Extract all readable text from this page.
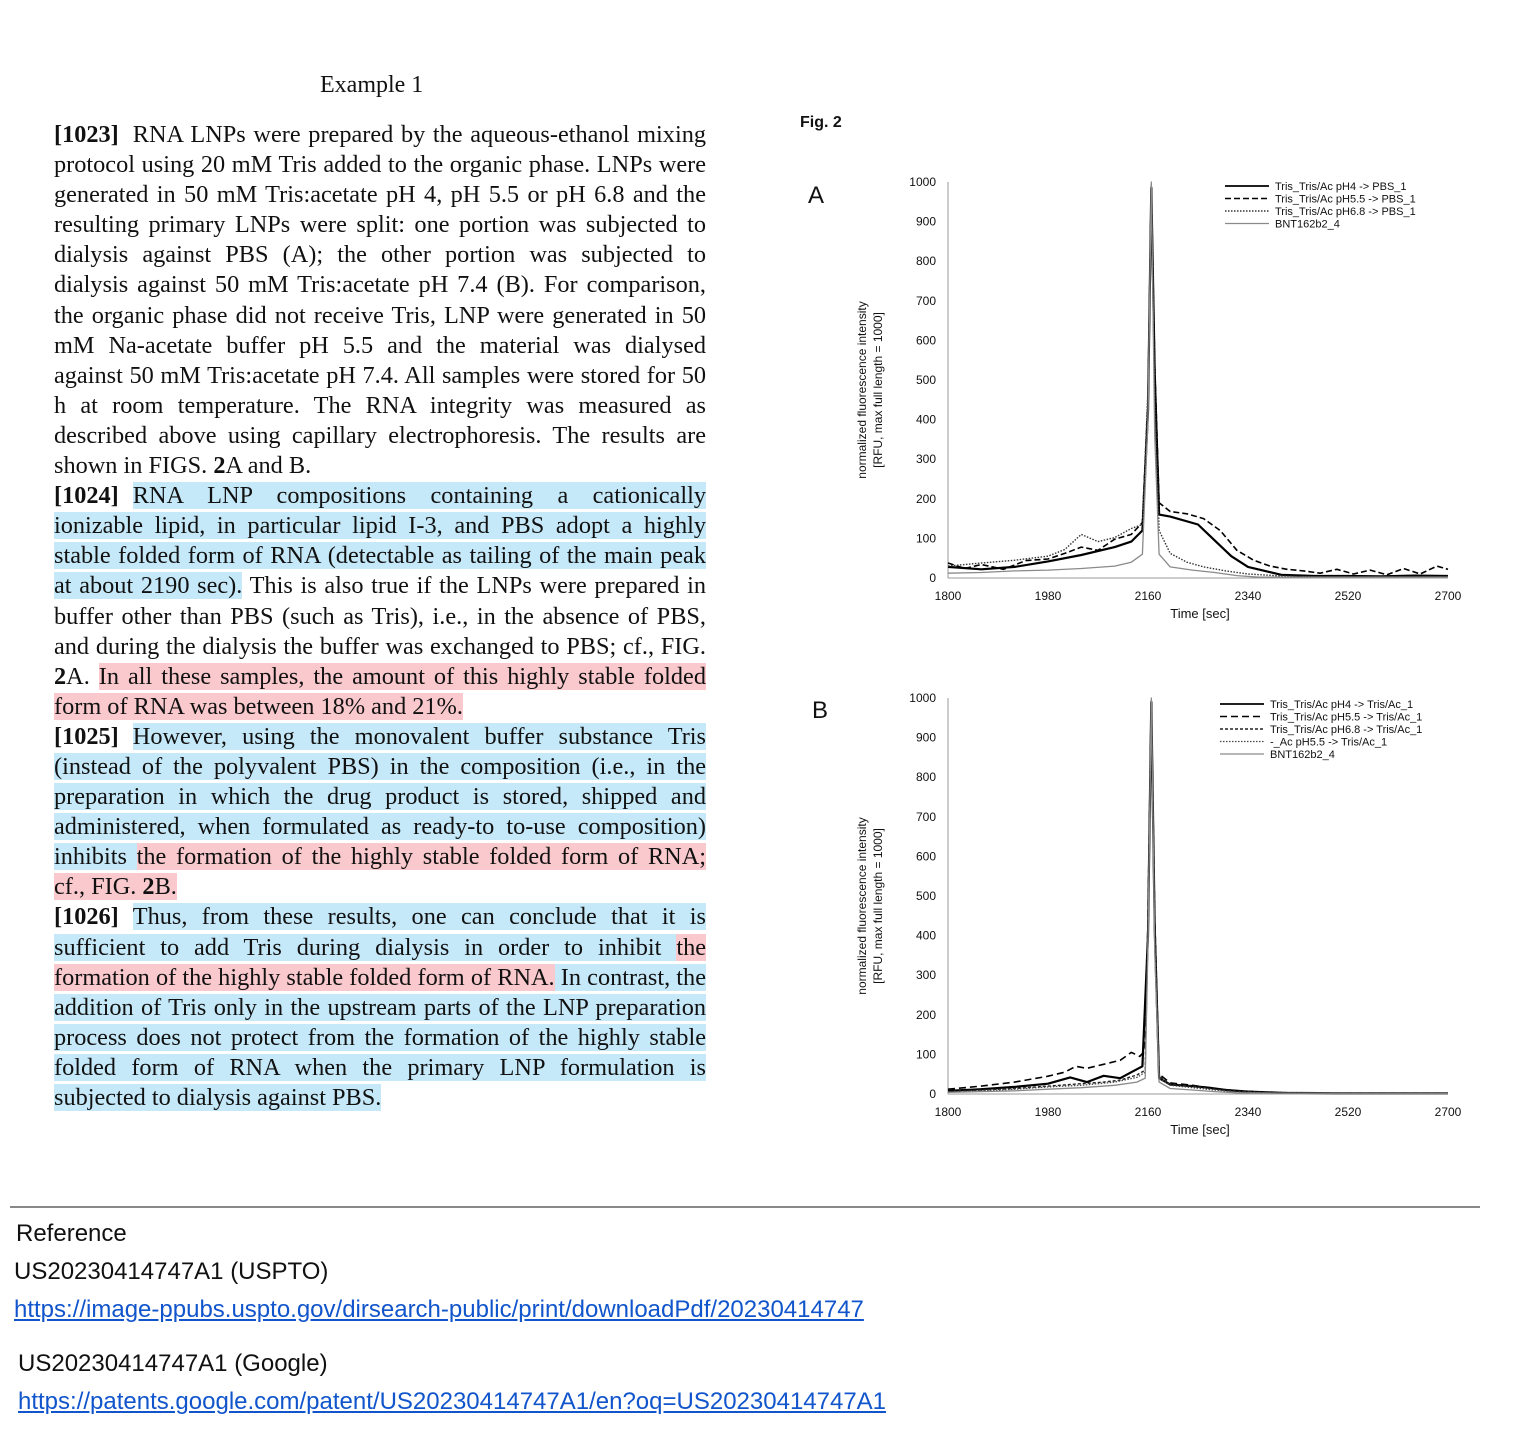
Example 1

[1023] RNA LNPs were prepared by the aqueous-ethanol mixing protocol using 20 mM Tris added to the organic phase. LNPs were generated in 50 mM Tris:acetate pH 4, pH 5.5 or pH 6.8 and the resulting primary LNPs were split: one portion was subjected to dialysis against PBS (A); the other portion was subjected to dialysis against 50 mM Tris:acetate pH 7.4 (B). For comparison, the organic phase did not receive Tris, LNP were generated in 50 mM Na-acetate buffer pH 5.5 and the material was dialysed against 50 mM Tris:acetate pH 7.4. All samples were stored for 50 h at room temperature. The RNA integrity was measured as described above using capillary electrophoresis. The results are shown in FIGS. 2A and B.

[1024] RNA LNP compositions containing a cationically ionizable lipid, in particular lipid I-3, and PBS adopt a highly stable folded form of RNA (detectable as tailing of the main peak at about 2190 sec). This is also true if the LNPs were prepared in buffer other than PBS (such as Tris), i.e., in the absence of PBS, and during the dialysis the buffer was exchanged to PBS; cf., FIG. 2A. In all these samples, the amount of this highly stable folded form of RNA was between 18% and 21%.

[1025] However, using the monovalent buffer substance Tris (instead of the polyvalent PBS) in the composition (i.e., in the preparation in which the drug product is stored, shipped and administered, when formulated as ready-to to-use composition) inhibits the formation of the highly stable folded form of RNA; cf., FIG. 2B.

[1026] Thus, from these results, one can conclude that it is sufficient to add Tris during dialysis in order to inhibit the formation of the highly stable folded form of RNA. In contrast, the addition of Tris only in the upstream parts of the LNP preparation process does not protect from the formation of the highly stable folded form of RNA when the primary LNP formulation is subjected to dialysis against PBS.

Fig. 2
A
B
0
100
200
300
400
500
600
700
800
900
1000
1800	1980	2160	2340	2520	2700
Time [sec]
normalized fluorescence intensity [RFU, max full length = 1000]
Tris_Tris/Ac pH4 -> PBS_1
Tris_Tris/Ac pH5.5 -> PBS_1
Tris_Tris/Ac pH6.8 -> PBS_1
BNT162b2_4
0
100
200
300
400
500
600
700
800
900
1000
1800	1980	2160	2340	2520	2700
Time [sec]
normalized fluorescence intensity [RFU, max full length = 1000]
Tris_Tris/Ac pH4 -> Tris/Ac_1
Tris_Tris/Ac pH5.5 -> Tris/Ac_1
Tris_Tris/Ac pH6.8 -> Tris/Ac_1
-_Ac pH5.5 -> Tris/Ac_1
BNT162b2_4
Reference
US20230414747A1 (USPTO)
https://image-ppubs.uspto.gov/dirsearch-public/print/downloadPdf/20230414747
US20230414747A1 (Google)
https://patents.google.com/patent/US20230414747A1/en?oq=US20230414747A1
